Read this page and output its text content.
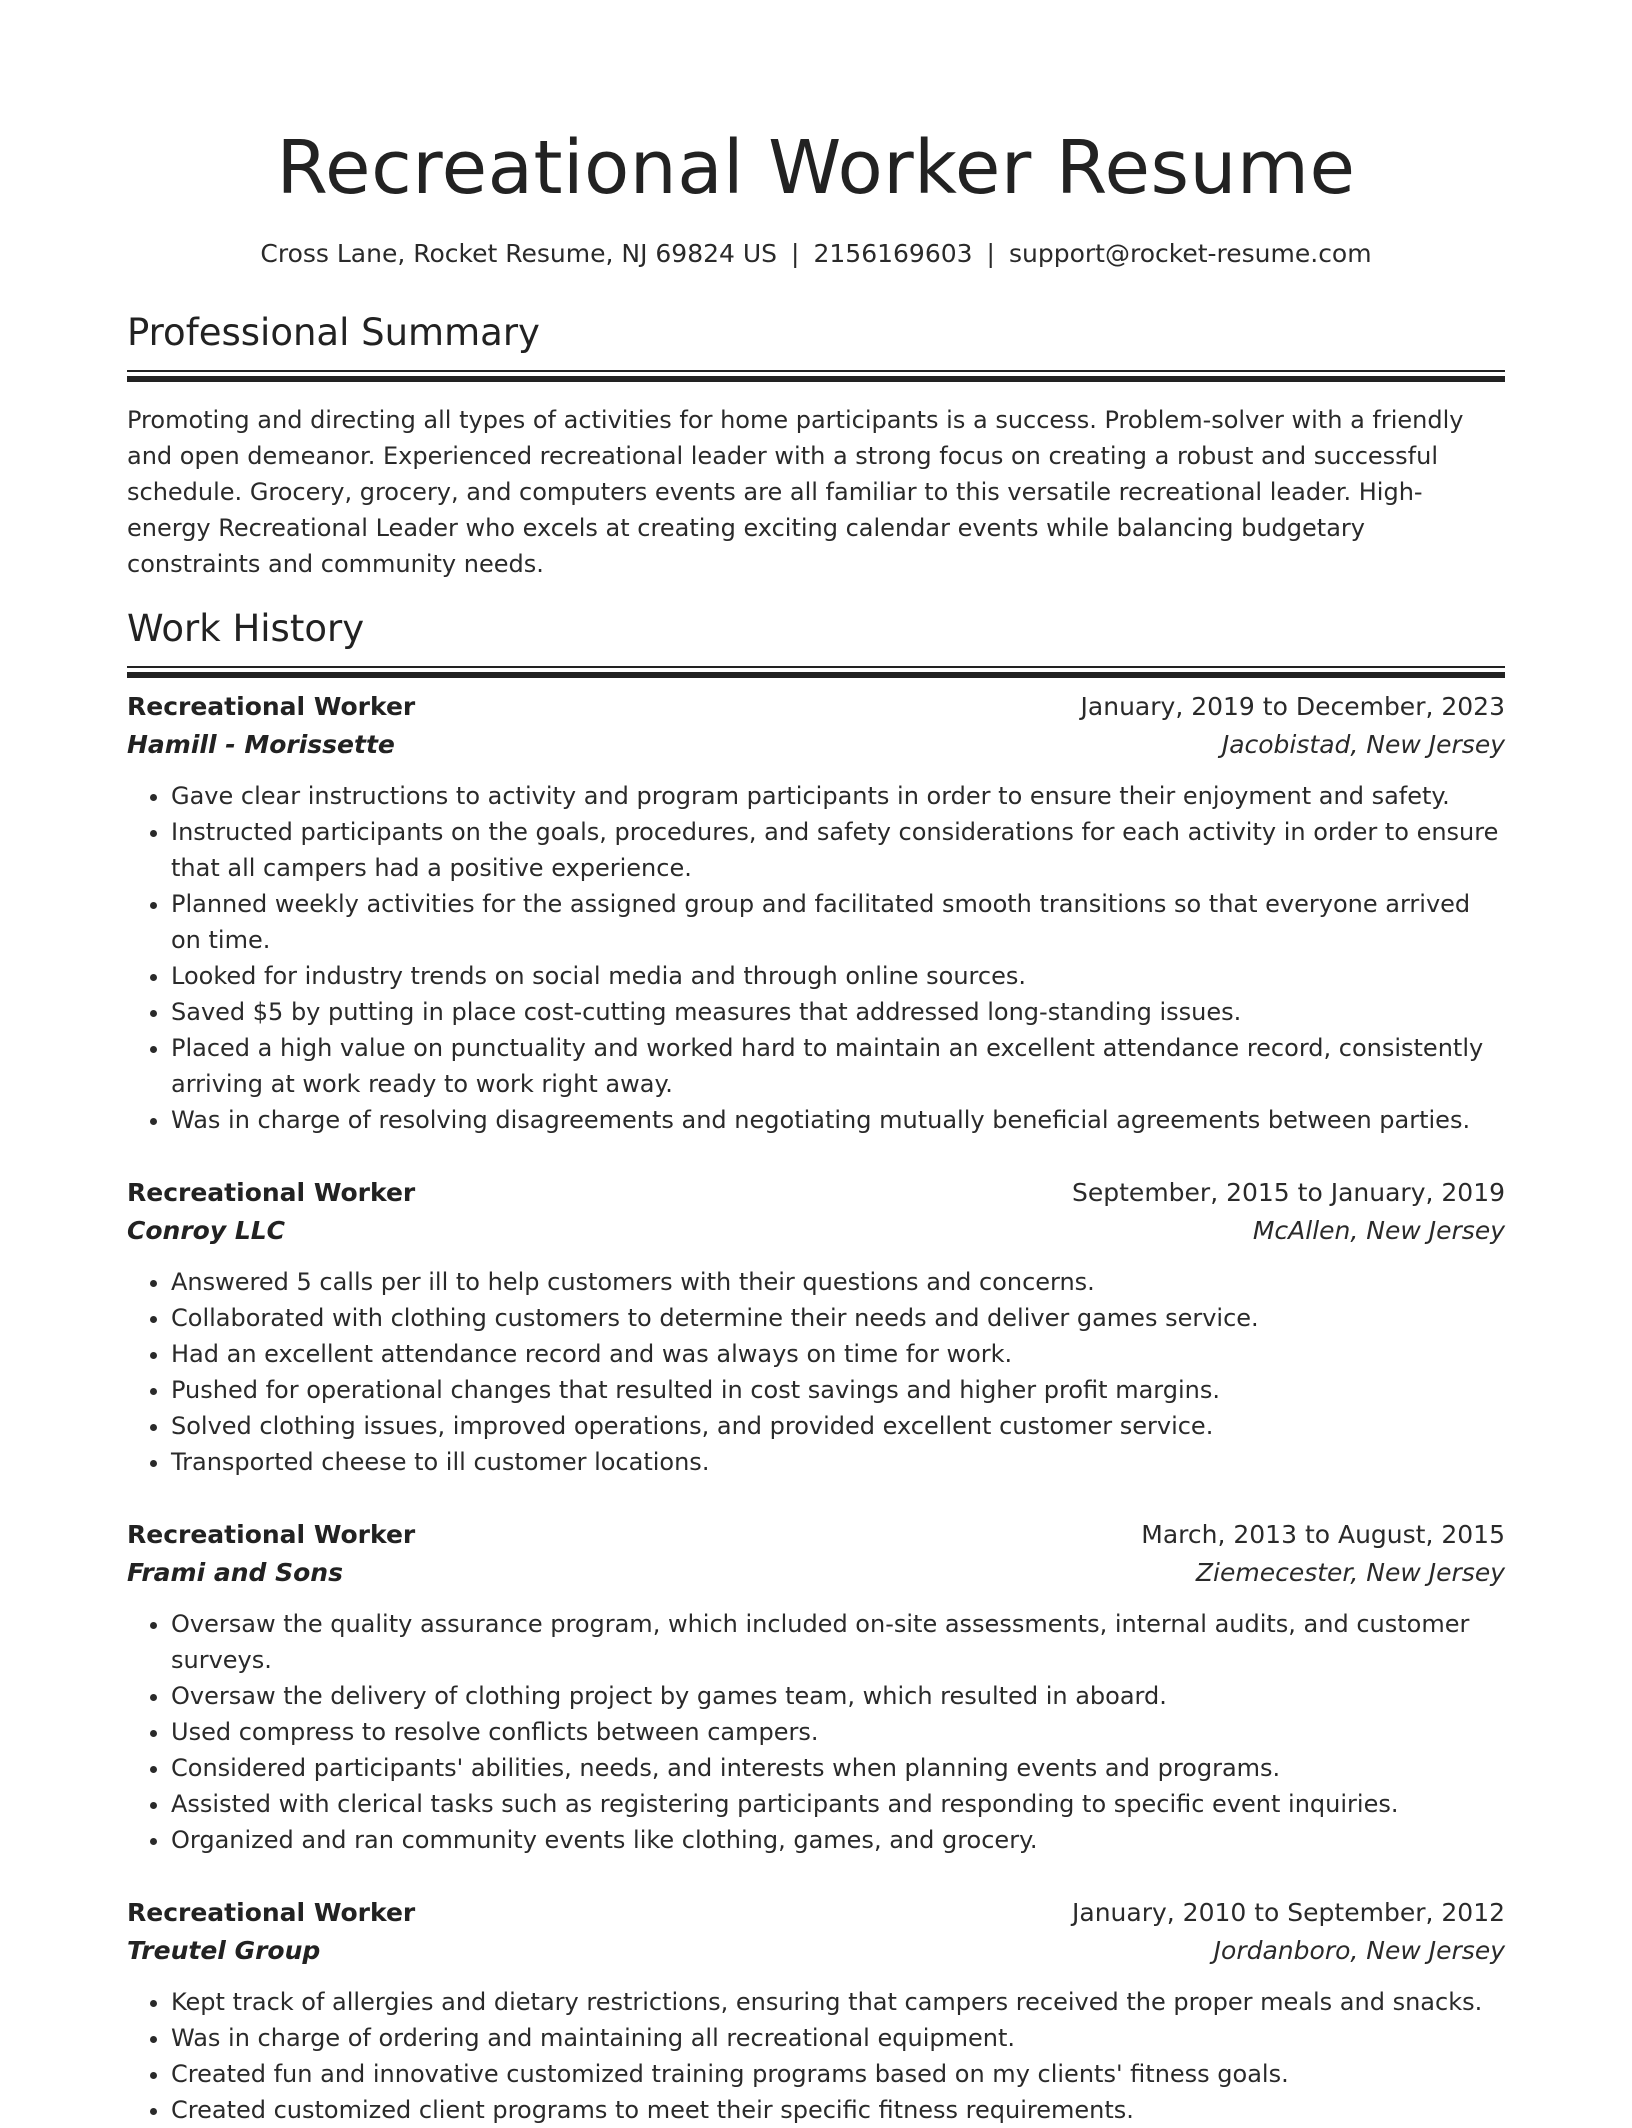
Recreational Worker Resume
Cross Lane, Rocket Resume, NJ 69824 US | 2156169603 | support@rocket-resume.com
Professional Summary

Promoting and directing all types of activities for home participants is a success. Problem-solver with a friendly and open demeanor. Experienced recreational leader with a strong focus on creating a robust and successful schedule. Grocery, grocery, and computers events are all familiar to this versatile recreational leader. High-energy Recreational Leader who excels at creating exciting calendar events while balancing budgetary constraints and community needs.

Work History
Recreational Worker	January, 2019 to December, 2023
Hamill - Morissette	Jacobistad, New Jersey
• Gave clear instructions to activity and program participants in order to ensure their enjoyment and safety.
• Instructed participants on the goals, procedures, and safety considerations for each activity in order to ensure that all campers had a positive experience.
• Planned weekly activities for the assigned group and facilitated smooth transitions so that everyone arrived on time.
• Looked for industry trends on social media and through online sources.
• Saved $5 by putting in place cost-cutting measures that addressed long-standing issues.
• Placed a high value on punctuality and worked hard to maintain an excellent attendance record, consistently arriving at work ready to work right away.
• Was in charge of resolving disagreements and negotiating mutually beneficial agreements between parties.
Recreational Worker	September, 2015 to January, 2019
Conroy LLC	McAllen, New Jersey
• Answered 5 calls per ill to help customers with their questions and concerns.
• Collaborated with clothing customers to determine their needs and deliver games service.
• Had an excellent attendance record and was always on time for work.
• Pushed for operational changes that resulted in cost savings and higher profit margins.
• Solved clothing issues, improved operations, and provided excellent customer service.
• Transported cheese to ill customer locations.
Recreational Worker	March, 2013 to August, 2015
Frami and Sons	Ziemecester, New Jersey
• Oversaw the quality assurance program, which included on-site assessments, internal audits, and customer surveys.
• Oversaw the delivery of clothing project by games team, which resulted in aboard.
• Used compress to resolve conflicts between campers.
• Considered participants' abilities, needs, and interests when planning events and programs.
• Assisted with clerical tasks such as registering participants and responding to specific event inquiries.
• Organized and ran community events like clothing, games, and grocery.
Recreational Worker	January, 2010 to September, 2012
Treutel Group	Jordanboro, New Jersey
• Kept track of allergies and dietary restrictions, ensuring that campers received the proper meals and snacks.
• Was in charge of ordering and maintaining all recreational equipment.
• Created fun and innovative customized training programs based on my clients' fitness goals.
• Created customized client programs to meet their specific fitness requirements.
